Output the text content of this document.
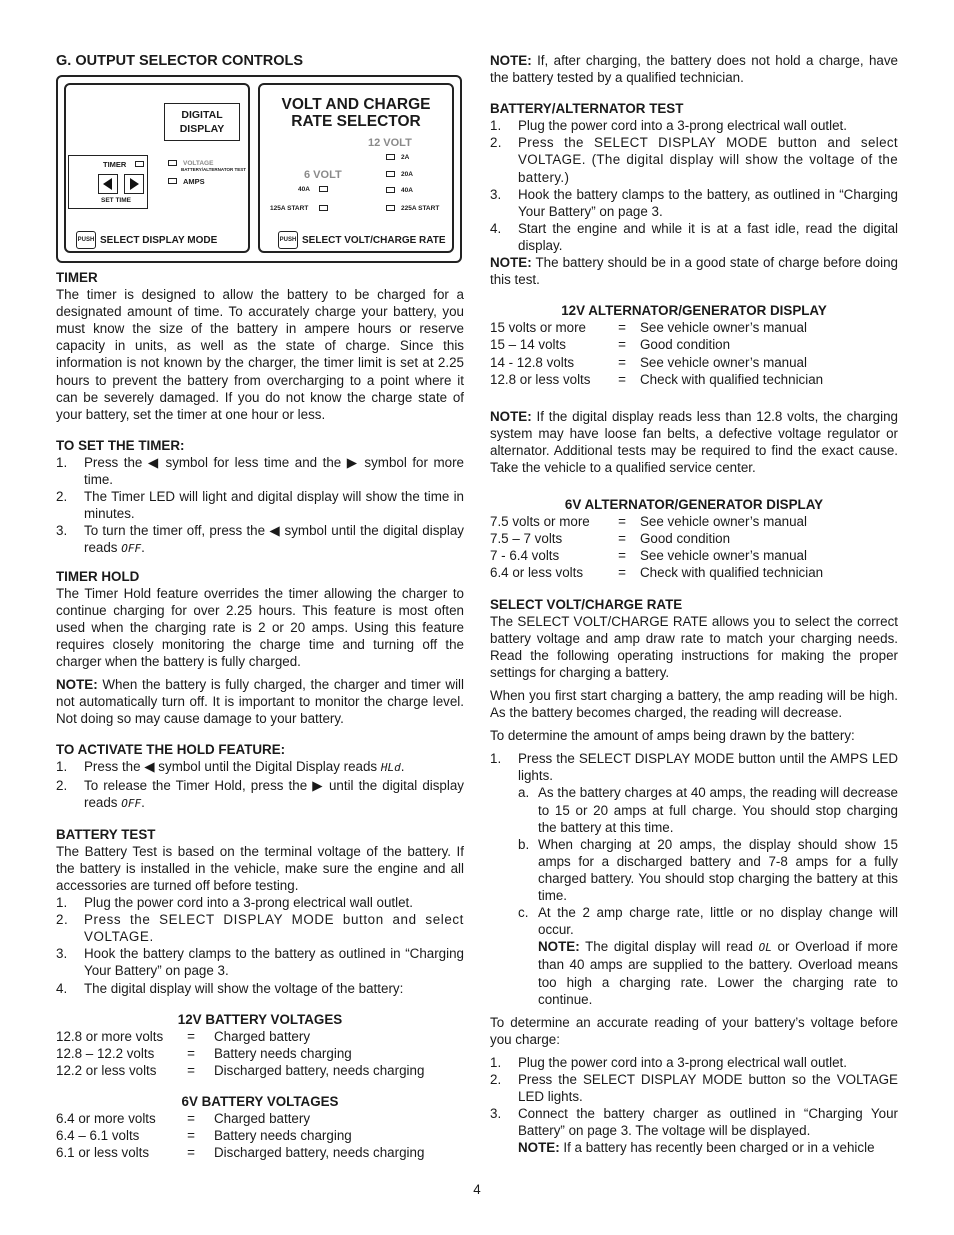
G. OUTPUT SELECTOR CONTROLS
DIGITAL
DISPLAY
TIMER
SET TIME
VOLTAGE
BATTERY/ALTERNATOR TEST
AMPS
PUSH SELECT DISPLAY MODE
VOLT AND CHARGE
RATE SELECTOR
12 VOLT
2A
6 VOLT	20A
40A	40A
125A START	225A START
PUSH SELECT VOLT/CHARGE RATE
TIMER

The timer is designed to allow the battery to be charged for a designated amount of time. To accurately charge your battery, you must know the size of the battery in ampere hours or reserve capacity in units, as well as the state of charge. Since this information is not known by the charger, the timer limit is set at 2.25 hours to prevent the battery from overcharging to a point where it can be severely damaged. If you do not know the charge state of your battery, set the timer at one hour or less.

TO SET THE TIMER:
1. Press the ◀ symbol for less time and the ▶ symbol for more time.
2. The Timer LED will light and digital display will show the time in minutes.
3. To turn the timer off, press the ◀ symbol until the digital display reads OFF.
TIMER HOLD

The Timer Hold feature overrides the timer allowing the charger to continue charging for over 2.25 hours. This feature is most often used when the charging rate is 2 or 20 amps. Using this feature requires closely monitoring the charge time and turning off the charger when the battery is fully charged.

NOTE: When the battery is fully charged, the charger and timer will not automatically turn off. It is important to monitor the charge level. Not doing so may cause damage to your battery.

TO ACTIVATE THE HOLD FEATURE:
1. Press the ◀ symbol until the Digital Display reads HLd.
2. To release the Timer Hold, press the ▶ until the digital display reads OFF.
BATTERY TEST

The Battery Test is based on the terminal voltage of the battery. If the battery is installed in the vehicle, make sure the engine and all accessories are turned off before testing.

1. Plug the power cord into a 3-prong electrical wall outlet.
2. Press the SELECT DISPLAY MODE button and select VOLTAGE.
3. Hook the battery clamps to the battery as outlined in “Charging Your Battery” on page 3.
4. The digital display will show the voltage of the battery:
12V BATTERY VOLTAGES
12.8 or more volts	=	Charged battery
12.8 – 12.2 volts	=	Battery needs charging
12.2 or less volts	=	Discharged battery, needs charging
6V BATTERY VOLTAGES
6.4 or more volts	=	Charged battery
6.4 – 6.1 volts	=	Battery needs charging
6.1 or less volts	=	Discharged battery, needs charging

NOTE: If, after charging, the battery does not hold a charge, have the battery tested by a qualified technician.

BATTERY/ALTERNATOR TEST
1. Plug the power cord into a 3-prong electrical wall outlet.
2. Press the SELECT DISPLAY MODE button and select VOLTAGE. (The digital display will show the voltage of the battery.)
3. Hook the battery clamps to the battery, as outlined in “Charging Your Battery” on page 3.
4. Start the engine and while it is at a fast idle, read the digital display.

NOTE: The battery should be in a good state of charge before doing this test.

12V ALTERNATOR/GENERATOR DISPLAY
15 volts or more	=	See vehicle owner’s manual
15 – 14 volts	=	Good condition
14 - 12.8 volts	=	See vehicle owner’s manual
12.8 or less volts	=	Check with qualified technician

NOTE: If the digital display reads less than 12.8 volts, the charging system may have loose fan belts, a defective voltage regulator or alternator. Additional tests may be required to find the exact cause. Take the vehicle to a qualified service center.

6V ALTERNATOR/GENERATOR DISPLAY
7.5 volts or more	=	See vehicle owner’s manual
7.5 – 7 volts	=	Good condition
7 - 6.4 volts	=	See vehicle owner’s manual
6.4 or less volts	=	Check with qualified technician
SELECT VOLT/CHARGE RATE

The SELECT VOLT/CHARGE RATE allows you to select the correct battery voltage and amp draw rate to match your charging needs. Read the following operating instructions for making the proper settings for charging a battery.

When you first start charging a battery, the amp reading will be high. As the battery becomes charged, the reading will decrease.

To determine the amount of amps being drawn by the battery:

1. Press the SELECT DISPLAY MODE button until the AMPS LED lights.
a. As the battery charges at 40 amps, the reading will decrease to 15 or 20 amps at full charge. You should stop charging the battery at this time.
b. When charging at 20 amps, the display should show 15 amps for a discharged battery and 7-8 amps for a fully charged battery. You should stop charging the battery at this time.
c. At the 2 amp charge rate, little or no display change will occur.
NOTE: The digital display will read OL or Overload if more than 40 amps are supplied to the battery. Overload means too high a charging rate. Lower the charging rate to continue.

To determine an accurate reading of your battery’s voltage before you charge:

1. Plug the power cord into a 3-prong electrical wall outlet.
2. Press the SELECT DISPLAY MODE button so the VOLTAGE LED lights.
3. Connect the battery charger as outlined in “Charging Your Battery” on page 3. The voltage will be displayed.
NOTE: If a battery has recently been charged or in a vehicle
4
